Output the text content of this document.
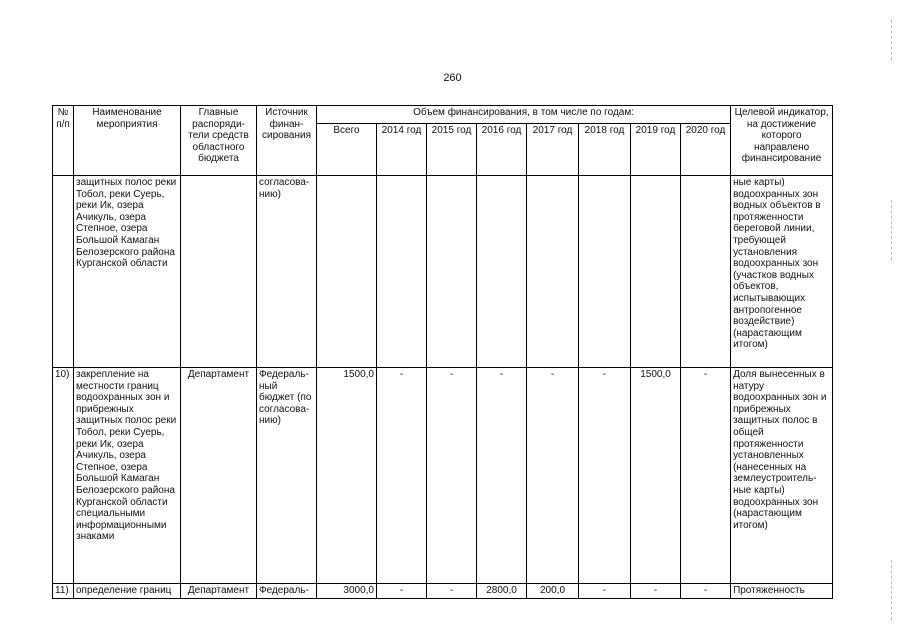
260
№
п/п	Наименование мероприятия	Главные распоряди-тели средств областного бюджета	Источник финан-сирования	Объем финансирования, в том числе по годам:								Целевой индикатор, на достижение которого направлено финансирование
				Всего	2014 год	2015 год	2016 год	2017 год	2018 год	2019 год	2020 год	
	защитных полос реки Тобол, реки Суерь, реки Ик, озера Ачикуль, озера Степное, озера Большой Камаган Белозерского района Курганской области		согласова-нию)									ные карты) водоохранных зон водных объектов в протяженности береговой линии, требующей установления водоохранных зон (участков водных объектов, испытывающих антропогенное воздействие) (нарастающим итогом)
10)	закрепление на местности границ водоохранных зон и прибрежных защитных полос реки Тобол, реки Суерь, реки Ик, озера Ачикуль, озера Степное, озера Большой Камаган Белозерского района Курганской области специальными информационными знаками	Департамент	Федераль-ный бюджет (по согласова-нию)	1500,0	-	-	-	-	-	1500,0	-	Доля вынесенных в натуру водоохранных зон и прибрежных защитных полос в общей протяженности установленных (нанесенных на землеустроитель-ные карты) водоохранных зон (нарастающим итогом)
11)	определение границ	Департамент	Федераль-	3000,0	-	-	2800,0	200,0	-	-	-	Протяженность
